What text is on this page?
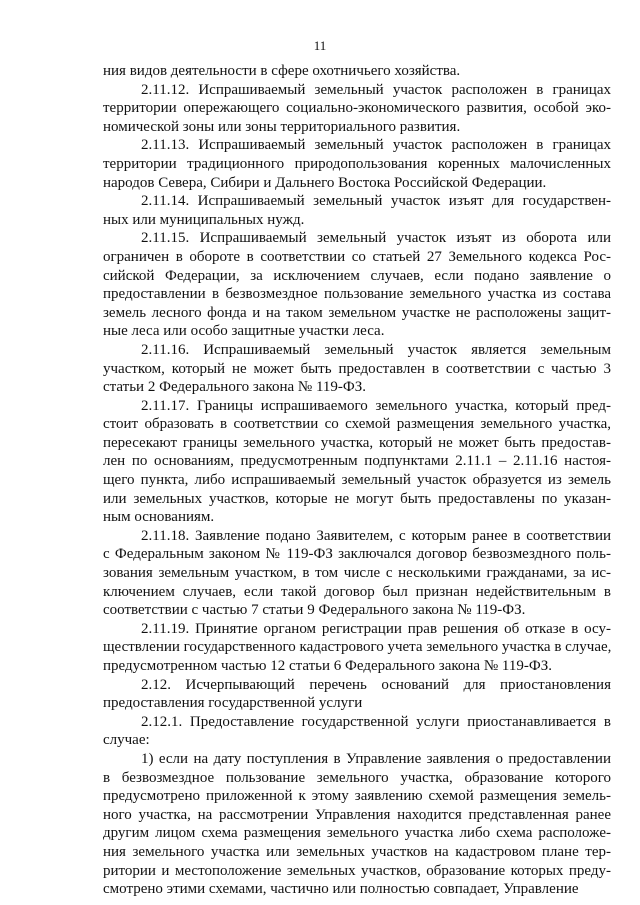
11
ния видов деятельности в сфере охотничьего хозяйства.
2.11.12. Испрашиваемый земельный участок расположен в границах
территории опережающего социально-экономического развития, особой эко-
номической зоны или зоны территориального развития.
2.11.13. Испрашиваемый земельный участок расположен в границах
территории традиционного природопользования коренных малочисленных
народов Севера, Сибири и Дальнего Востока Российской Федерации.
2.11.14. Испрашиваемый земельный участок изъят для государствен-
ных или муниципальных нужд.
2.11.15. Испрашиваемый земельный участок изъят из оборота или
ограничен в обороте в соответствии со статьей 27 Земельного кодекса Рос-
сийской Федерации, за исключением случаев, если подано заявление о
предоставлении в безвозмездное пользование земельного участка из состава
земель лесного фонда и на таком земельном участке не расположены защит-
ные леса или особо защитные участки леса.
2.11.16. Испрашиваемый земельный участок является земельным
участком, который не может быть предоставлен в соответствии с частью 3
статьи 2 Федерального закона № 119-ФЗ.
2.11.17. Границы испрашиваемого земельного участка, который пред-
стоит образовать в соответствии со схемой размещения земельного участка,
пересекают границы земельного участка, который не может быть предостав-
лен по основаниям, предусмотренным подпунктами 2.11.1 – 2.11.16 настоя-
щего пункта, либо испрашиваемый земельный участок образуется из земель
или земельных участков, которые не могут быть предоставлены по указан-
ным основаниям.
2.11.18. Заявление подано Заявителем, с которым ранее в соответствии
с Федеральным законом № 119-ФЗ заключался договор безвозмездного поль-
зования земельным участком, в том числе с несколькими гражданами, за ис-
ключением случаев, если такой договор был признан недействительным в
соответствии с частью 7 статьи 9 Федерального закона № 119-ФЗ.
2.11.19. Принятие органом регистрации прав решения об отказе в осу-
ществлении государственного кадастрового учета земельного участка в случае,
предусмотренном частью 12 статьи 6 Федерального закона № 119-ФЗ.
2.12. Исчерпывающий перечень оснований для приостановления
предоставления государственной услуги
2.12.1. Предоставление государственной услуги приостанавливается в
случае:
1) если на дату поступления в Управление заявления о предоставлении
в безвозмездное пользование земельного участка, образование которого
предусмотрено приложенной к этому заявлению схемой размещения земель-
ного участка, на рассмотрении Управления находится представленная ранее
другим лицом схема размещения земельного участка либо схема расположе-
ния земельного участка или земельных участков на кадастровом плане тер-
ритории и местоположение земельных участков, образование которых преду-
смотрено этими схемами, частично или полностью совпадает, Управление
